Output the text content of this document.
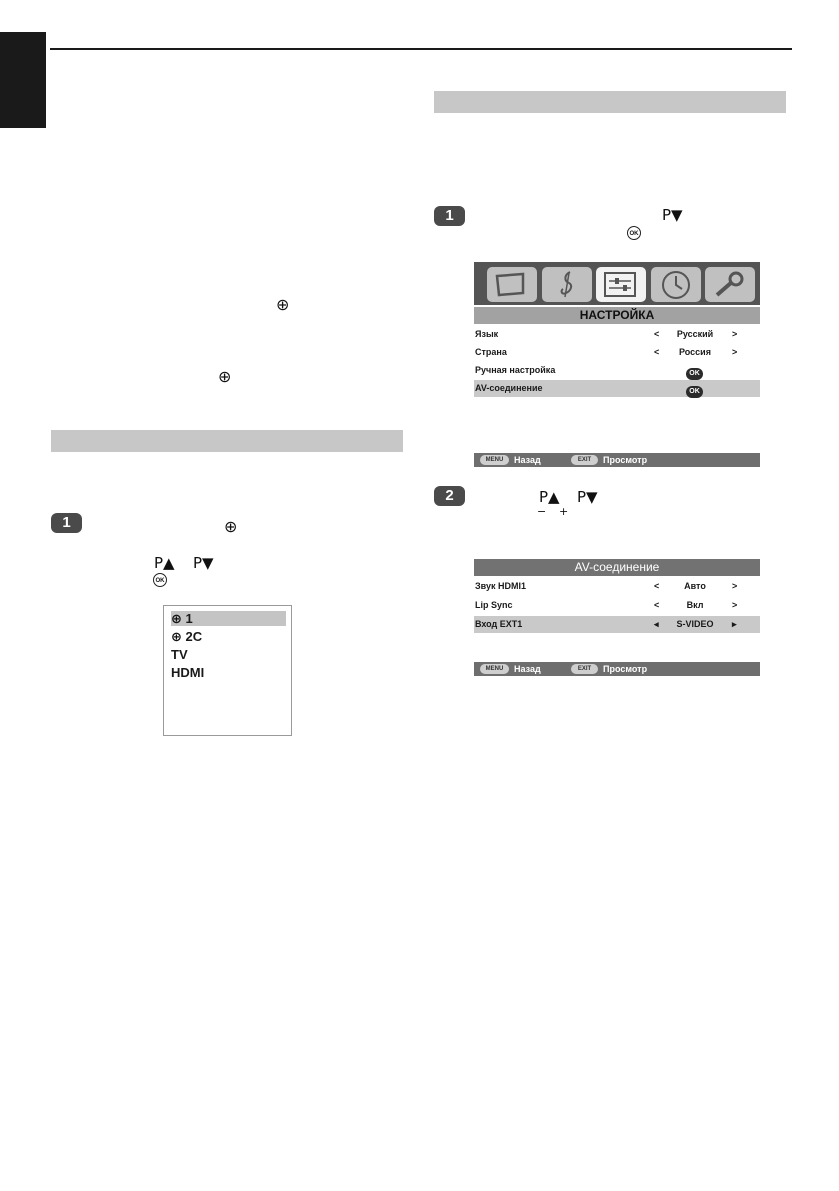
⊕
⊕
1	⊕
P▲ P▼
OK
⊕ 1
⊕ 2C
TV
HDMI
1	P▼
OK
НАСТРОЙКА
Язык	<	Русский	>
Страна	<	Россия	>
Ручная настройка	OK
AV-соединение	OK
MENU	Назад	EXIT	Просмотр
2	P▲ P▼
− +
AV-соединение
Звук HDMI1	<	Авто	>
Lip Sync	<	Вкл	>
Вход EXT1	◂	S-VIDEO	▸
MENU	Назад	EXIT	Просмотр
